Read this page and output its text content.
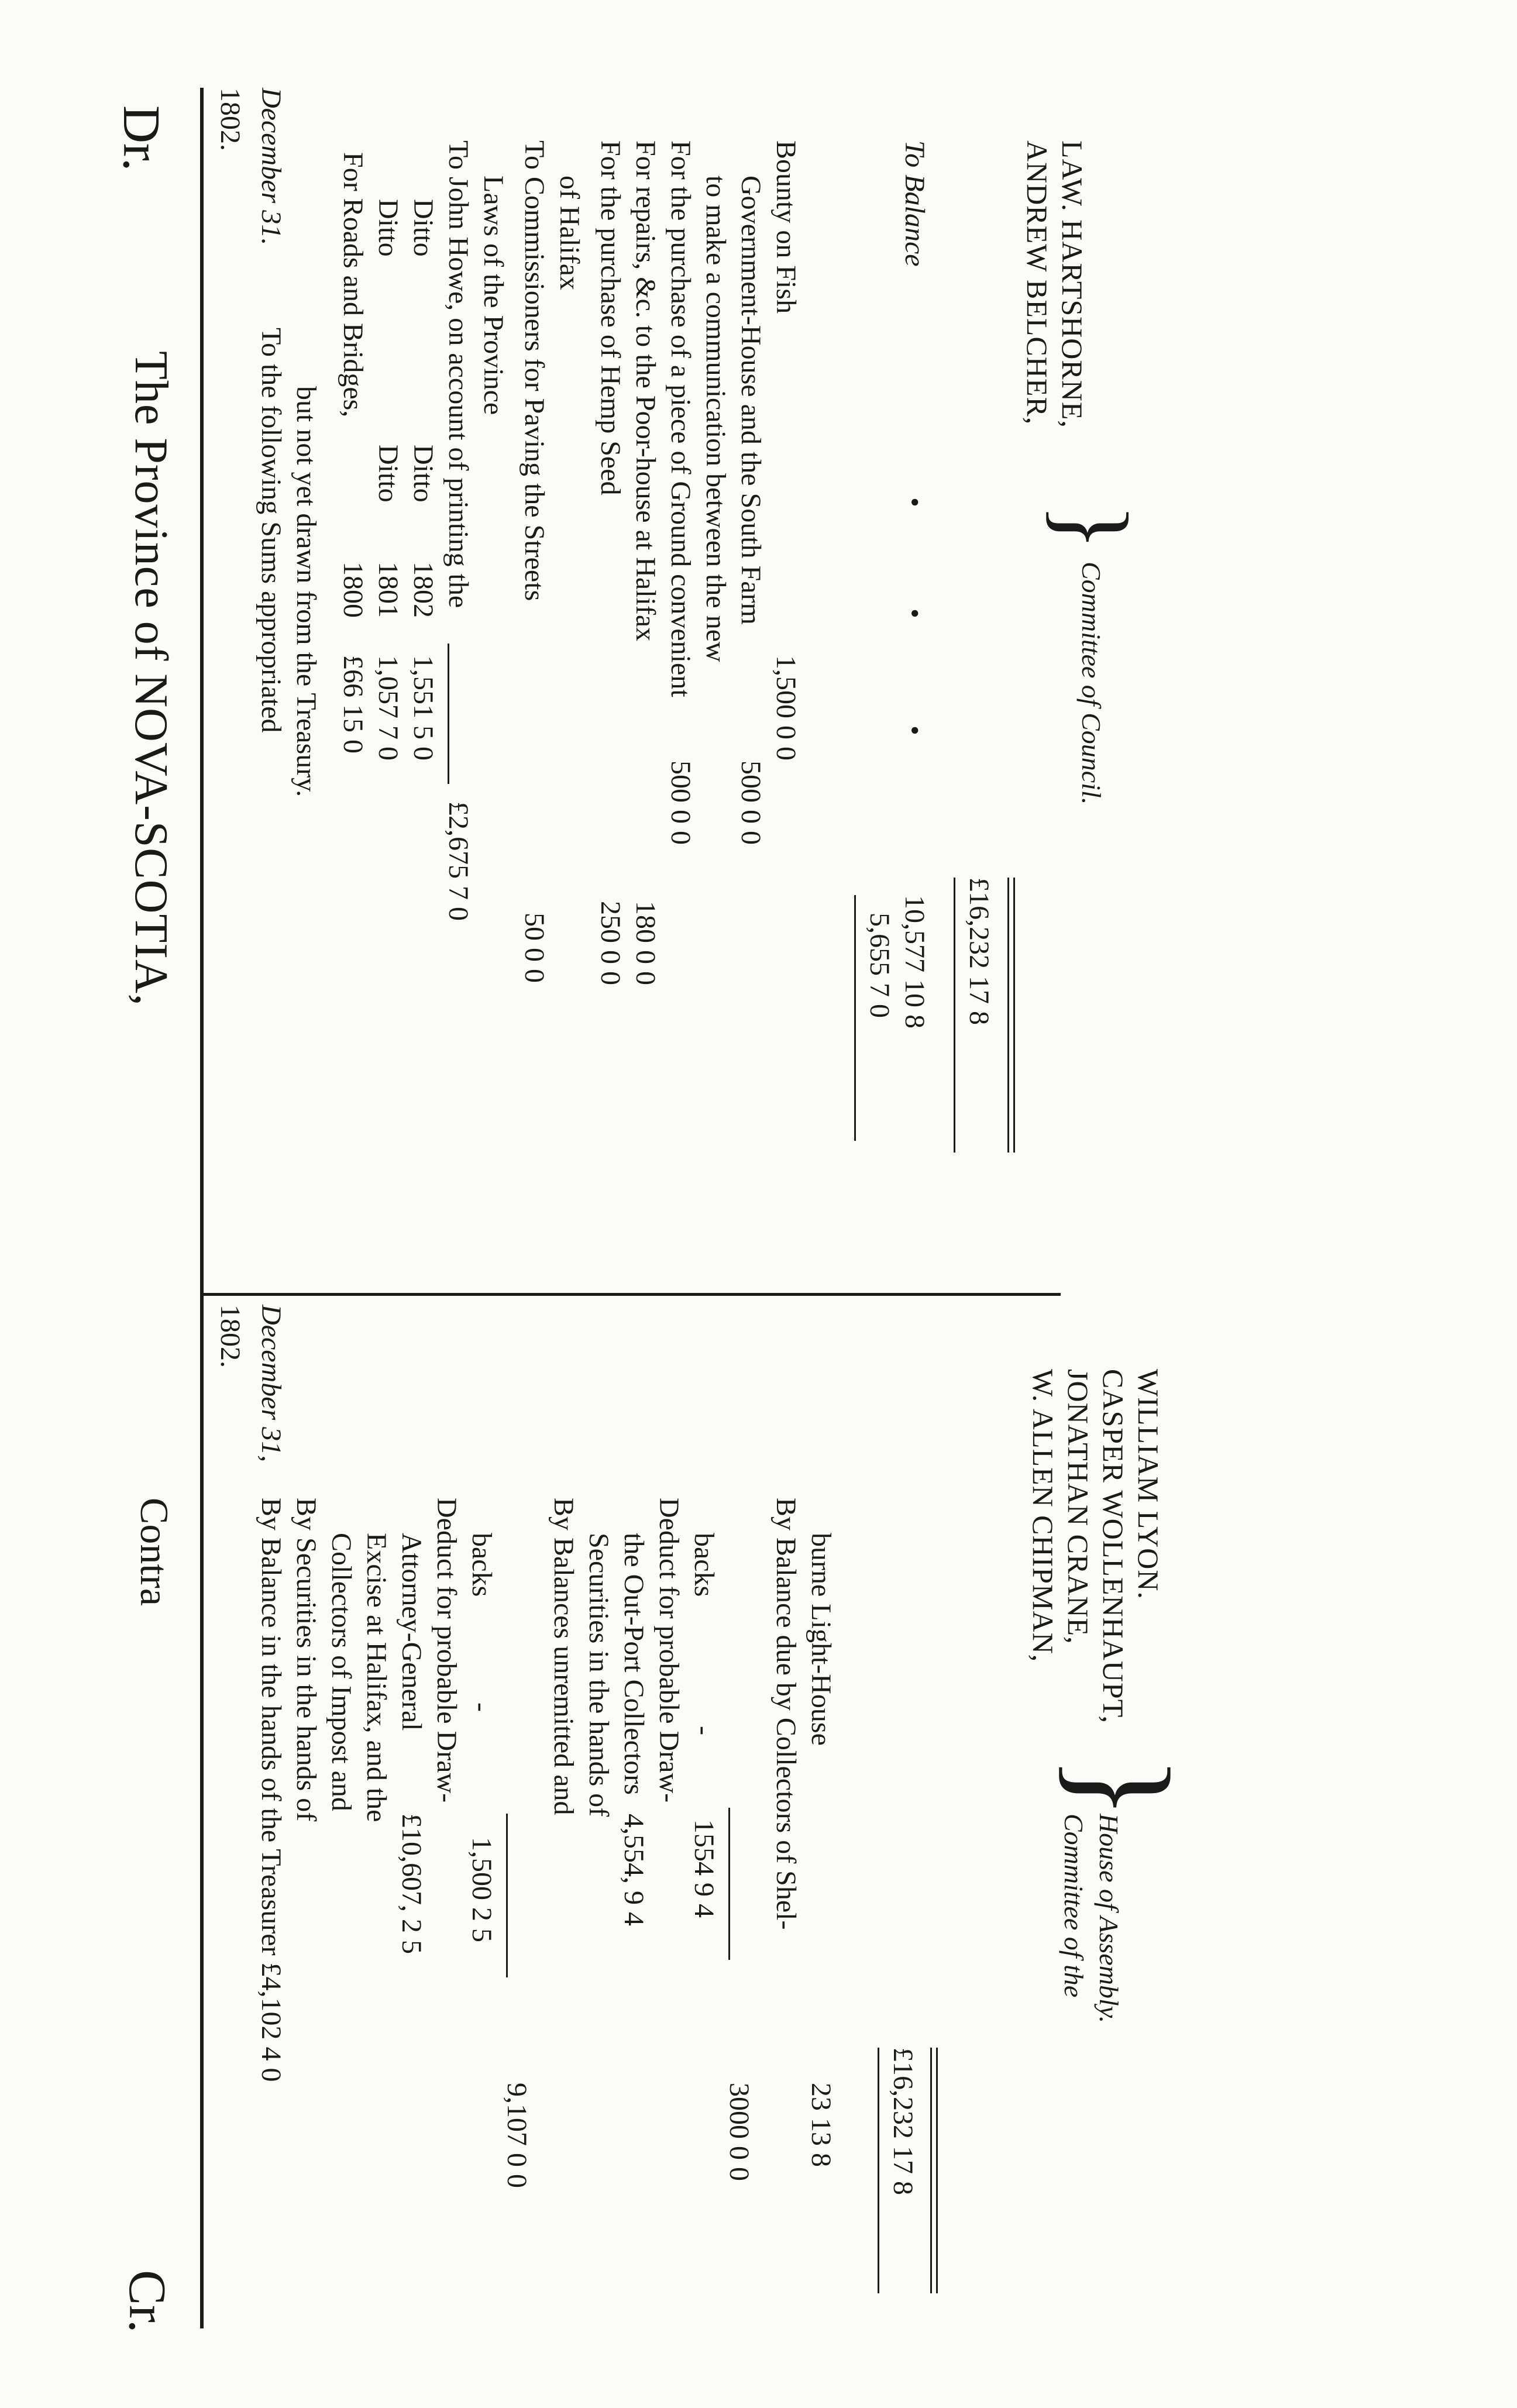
Dr.
The Province of NOVA-SCOTIA,
Contra
Cr.
1802. December 31.
To the following Sums appropriated but not yet drawn from the Treasury.
For Roads and Bridges,
1800
£66 15 0
Ditto
Ditto
1801
1,057 7 0
Ditto
Ditto
1802
1,551 5 0
£2,675 7 0
To John Howe, on account of printing the Laws of the Province To Commissioners for Paving the Streets of Halifax
50 0 0
For the purchase of Hemp Seed
250 0 0
For repairs, &c. to the Poor-house at Halifax
180 0 0
For the purchase of a piece of Ground convenient to make a communication between the new Government-House and the South Farm
500 0 0 500 0 0
Bounty on Fish
1,500 0 0
5,655 7 0
To Balance
10,577 10 8
•
•
•
£16,232 17 8
1802. December 31,
By Balance in the hands of the Treasurer £4,102 4 0 By Securities in the hands of Collectors of Impost and Excise at Halifax, and the Attorney-General
£10,607, 2 5
Deduct for probable Draw- backs
-
1,500 2 5
9,107 0 0
By Balances unremitted and Securities in the hands of the Out-Port Collectors
4,554, 9 4
Deduct for probable Draw- backs
-
1554 9 4
3000 0 0
By Balance due by Collectors of Shel- burne Light-House
23 13 8 £16,232 17 8
ANDREW BELCHER, LAW. HARTSHORNE,
}
Committee of Council.
W. ALLEN CHIPMAN, JONATHAN CRANE, CASPER WOLLENHAUPT, WILLIAM LYON.
}
Committee of the House of Assembly.
